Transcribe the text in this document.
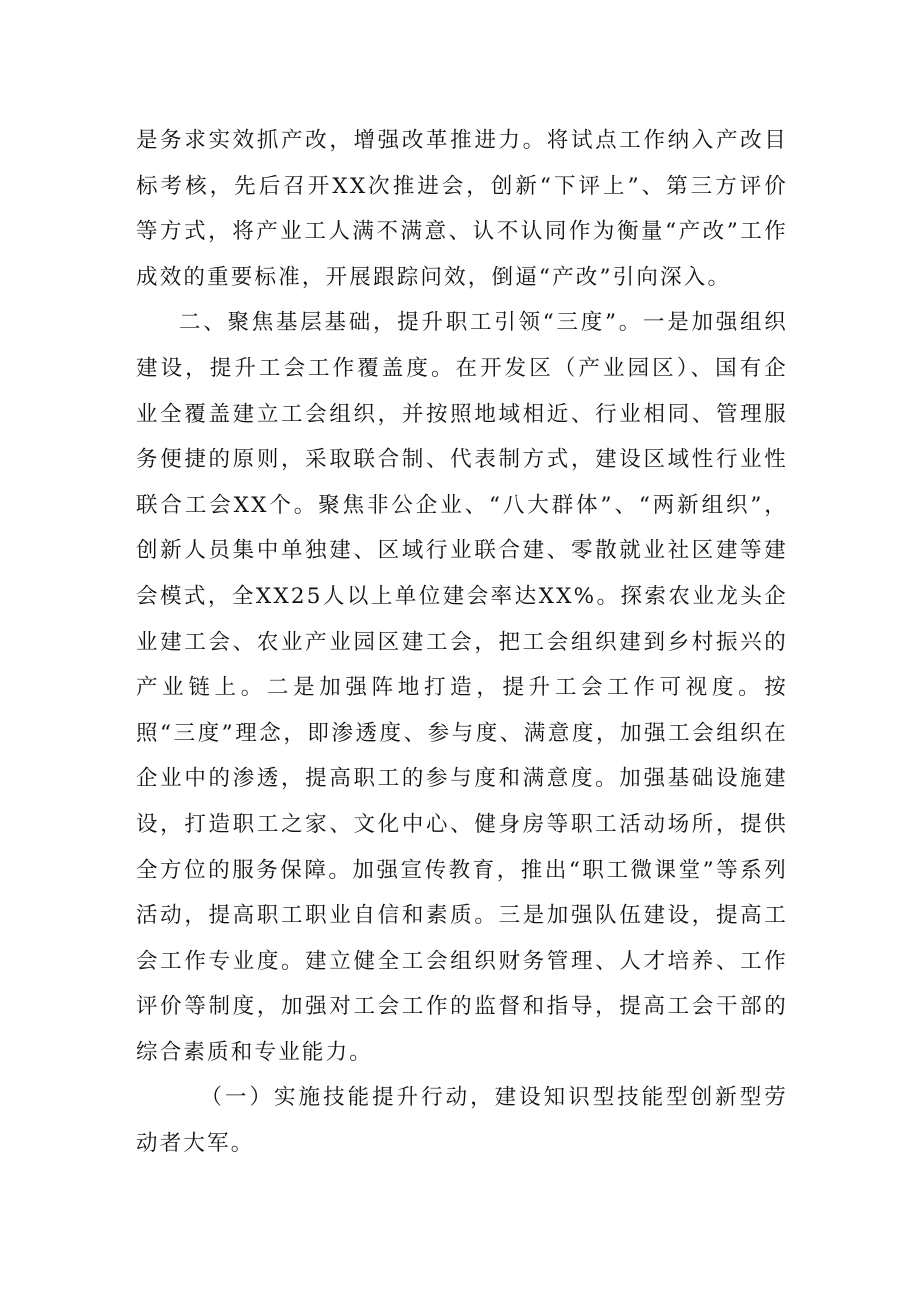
是务求实效抓产改，增强改革推进力。将试点工作纳入产改目标考核，先后召开XX次推进会，创新“下评上”、第三方评价等方式，将产业工人满不满意、认不认同作为衡量“产改”工作成效的重要标准，开展跟踪问效，倒逼“产改”引向深入。

二、聚焦基层基础，提升职工引领“三度”。一是加强组织建设，提升工会工作覆盖度。在开发区（产业园区）、国有企业全覆盖建立工会组织，并按照地域相近、行业相同、管理服务便捷的原则，采取联合制、代表制方式，建设区域性行业性联合工会XX个。聚焦非公企业、“八大群体”、“两新组织”，创新人员集中单独建、区域行业联合建、零散就业社区建等建会模式，全XX25人以上单位建会率达XX%。探索农业龙头企业建工会、农业产业园区建工会，把工会组织建到乡村振兴的产业链上。二是加强阵地打造，提升工会工作可视度。按照“三度”理念，即渗透度、参与度、满意度，加强工会组织在企业中的渗透，提高职工的参与度和满意度。加强基础设施建设，打造职工之家、文化中心、健身房等职工活动场所，提供全方位的服务保障。加强宣传教育，推出“职工微课堂”等系列活动，提高职工职业自信和素质。三是加强队伍建设，提高工会工作专业度。建立健全工会组织财务管理、人才培养、工作评价等制度，加强对工会工作的监督和指导，提高工会干部的综合素质和专业能力。

（一）实施技能提升行动，建设知识型技能型创新型劳动者大军。
